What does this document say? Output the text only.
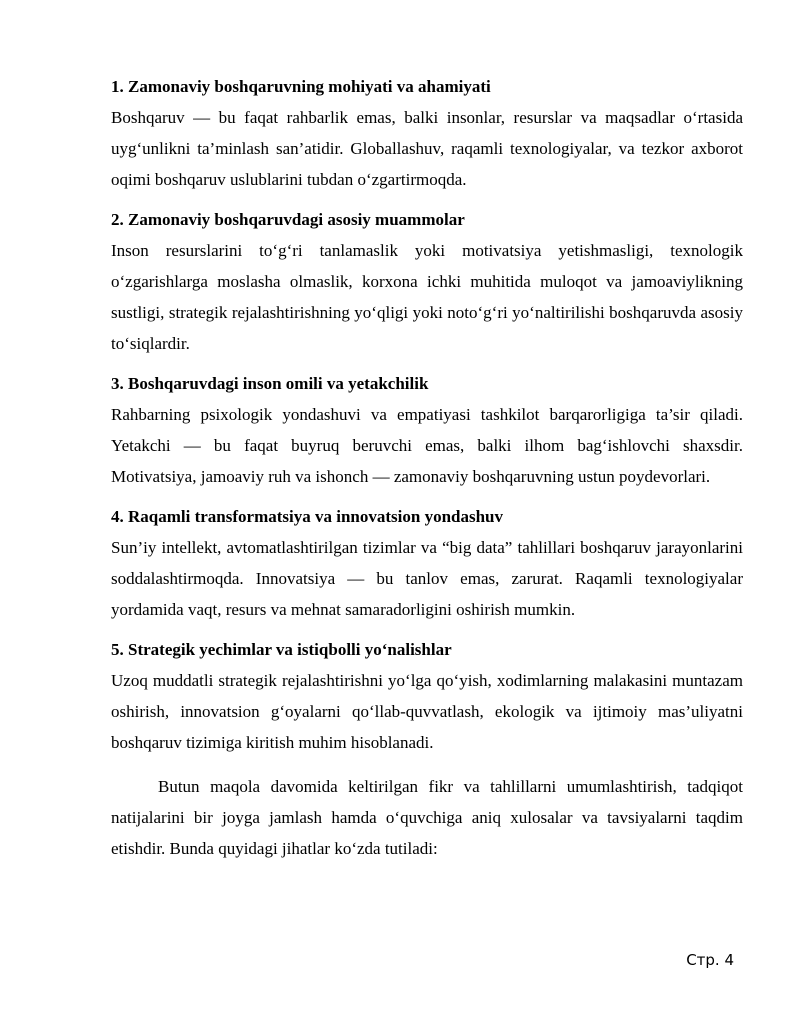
1. Zamonaviy boshqaruvning mohiyati va ahamiyati

Boshqaruv — bu faqat rahbarlik emas, balki insonlar, resurslar va maqsadlar o‘rtasida uyg‘unlikni ta’minlash san’atidir. Globallashuv, raqamli texnologiyalar, va tezkor axborot oqimi boshqaruv uslublarini tubdan o‘zgartirmoqda.

2. Zamonaviy boshqaruvdagi asosiy muammolar

Inson resurslarini to‘g‘ri tanlamaslik yoki motivatsiya yetishmasligi, texnologik o‘zgarishlarga moslasha olmaslik, korxona ichki muhitida muloqot va jamoaviylikning sustligi, strategik rejalashtirishning yo‘qligi yoki noto‘g‘ri yo‘naltirilishi boshqaruvda asosiy to‘siqlardir.

3. Boshqaruvdagi inson omili va yetakchilik

Rahbarning psixologik yondashuvi va empatiyasi tashkilot barqarorligiga ta’sir qiladi. Yetakchi — bu faqat buyruq beruvchi emas, balki ilhom bag‘ishlovchi shaxsdir. Motivatsiya, jamoaviy ruh va ishonch — zamonaviy boshqaruvning ustun poydevorlari.

4. Raqamli transformatsiya va innovatsion yondashuv

Sun’iy intellekt, avtomatlashtirilgan tizimlar va “big data” tahlillari boshqaruv jarayonlarini soddalashtirmoqda. Innovatsiya — bu tanlov emas, zarurat. Raqamli texnologiyalar yordamida vaqt, resurs va mehnat samaradorligini oshirish mumkin.

5. Strategik yechimlar va istiqbolli yo‘nalishlar

Uzoq muddatli strategik rejalashtirishni yo‘lga qo‘yish, xodimlarning malakasini muntazam oshirish, innovatsion g‘oyalarni qo‘llab-quvvatlash, ekologik va ijtimoiy mas’uliyatni boshqaruv tizimiga kiritish muhim hisoblanadi.

Butun maqola davomida keltirilgan fikr va tahlillarni umumlashtirish, tadqiqot natijalarini bir joyga jamlash hamda o‘quvchiga aniq xulosalar va tavsiyalarni taqdim etishdir. Bunda quyidagi jihatlar ko‘zda tutiladi:

Стр. 4
